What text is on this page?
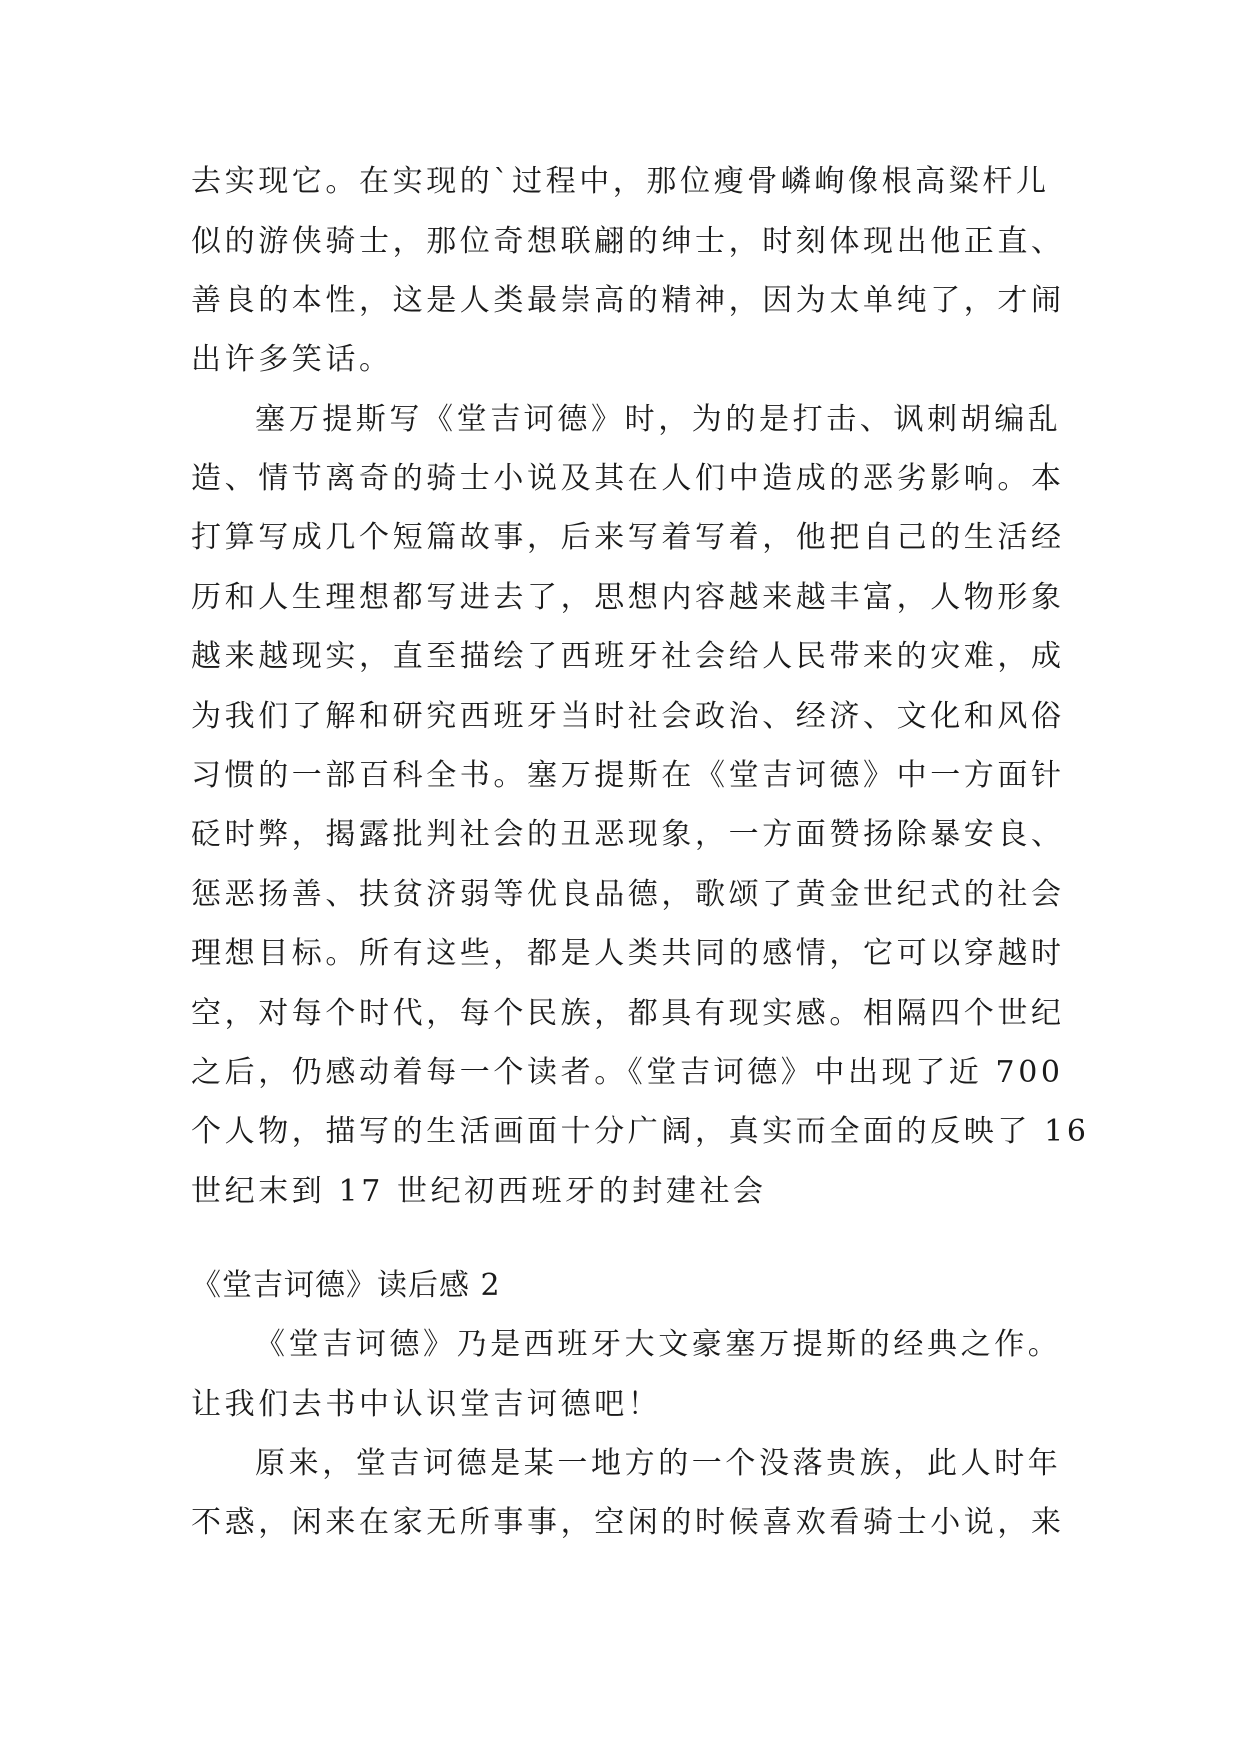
去实现它。在实现的`过程中，那位瘦骨嶙峋像根高粱杆儿
似的游侠骑士，那位奇想联翩的绅士，时刻体现出他正直、
善良的本性，这是人类最崇高的精神，因为太单纯了，才闹
出许多笑话。
塞万提斯写《堂吉诃德》时，为的是打击、讽刺胡编乱
造、情节离奇的骑士小说及其在人们中造成的恶劣影响。本
打算写成几个短篇故事，后来写着写着，他把自己的生活经
历和人生理想都写进去了，思想内容越来越丰富，人物形象
越来越现实，直至描绘了西班牙社会给人民带来的灾难，成
为我们了解和研究西班牙当时社会政治、经济、文化和风俗
习惯的一部百科全书。塞万提斯在《堂吉诃德》中一方面针
砭时弊，揭露批判社会的丑恶现象，一方面赞扬除暴安良、
惩恶扬善、扶贫济弱等优良品德，歌颂了黄金世纪式的社会
理想目标。所有这些，都是人类共同的感情，它可以穿越时
空，对每个时代，每个民族，都具有现实感。相隔四个世纪
之后，仍感动着每一个读者。《堂吉诃德》中出现了近 700
个人物，描写的生活画面十分广阔，真实而全面的反映了 16
世纪末到 17 世纪初西班牙的封建社会
《堂吉诃德》读后感 2
《堂吉诃德》乃是西班牙大文豪塞万提斯的经典之作。
让我们去书中认识堂吉诃德吧！
原来，堂吉诃德是某一地方的一个没落贵族，此人时年
不惑，闲来在家无所事事，空闲的时候喜欢看骑士小说，来
